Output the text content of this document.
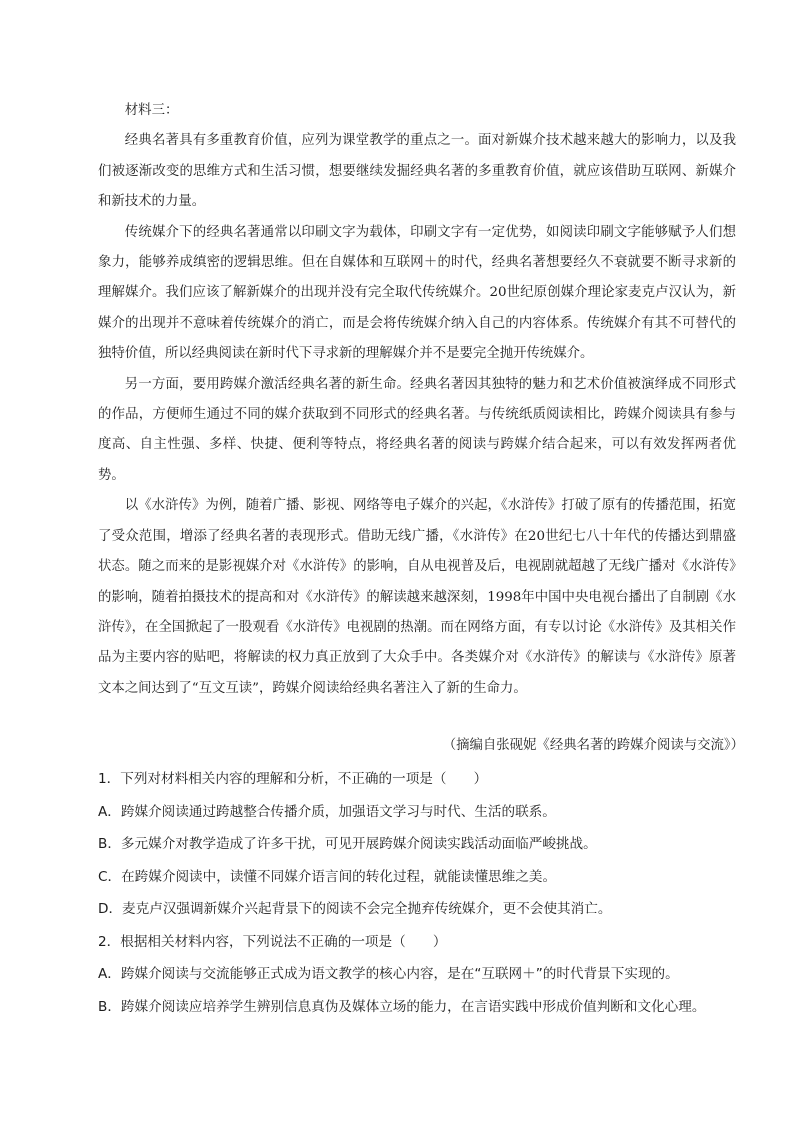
材料三：

经典名著具有多重教育价值，应列为课堂教学的重点之一。面对新媒介技术越来越大的影响力，以及我们被逐渐改变的思维方式和生活习惯，想要继续发掘经典名著的多重教育价值，就应该借助互联网、新媒介和新技术的力量。

传统媒介下的经典名著通常以印刷文字为载体，印刷文字有一定优势，如阅读印刷文字能够赋予人们想象力，能够养成缜密的逻辑思维。但在自媒体和互联网＋的时代，经典名著想要经久不衰就要不断寻求新的理解媒介。我们应该了解新媒介的出现并没有完全取代传统媒介。20世纪原创媒介理论家麦克卢汉认为，新媒介的出现并不意味着传统媒介的消亡，而是会将传统媒介纳入自己的内容体系。传统媒介有其不可替代的独特价值，所以经典阅读在新时代下寻求新的理解媒介并不是要完全抛开传统媒介。

另一方面，要用跨媒介激活经典名著的新生命。经典名著因其独特的魅力和艺术价值被演绎成不同形式的作品，方便师生通过不同的媒介获取到不同形式的经典名著。与传统纸质阅读相比，跨媒介阅读具有参与度高、自主性强、多样、快捷、便利等特点，将经典名著的阅读与跨媒介结合起来，可以有效发挥两者优势。

以《水浒传》为例，随着广播、影视、网络等电子媒介的兴起，《水浒传》打破了原有的传播范围，拓宽了受众范围，增添了经典名著的表现形式。借助无线广播，《水浒传》在20世纪七八十年代的传播达到鼎盛状态。随之而来的是影视媒介对《水浒传》的影响，自从电视普及后，电视剧就超越了无线广播对《水浒传》的影响，随着拍摄技术的提高和对《水浒传》的解读越来越深刻，1998年中国中央电视台播出了自制剧《水浒传》，在全国掀起了一股观看《水浒传》电视剧的热潮。而在网络方面，有专以讨论《水浒传》及其相关作品为主要内容的贴吧，将解读的权力真正放到了大众手中。各类媒介对《水浒传》的解读与《水浒传》原著文本之间达到了“互文互读”，跨媒介阅读给经典名著注入了新的生命力。

（摘编自张砚妮《经典名著的跨媒介阅读与交流》）
1．下列对材料相关内容的理解和分析，不正确的一项是（　　）
A．跨媒介阅读通过跨越整合传播介质，加强语文学习与时代、生活的联系。
B．多元媒介对教学造成了许多干扰，可见开展跨媒介阅读实践活动面临严峻挑战。
C．在跨媒介阅读中，读懂不同媒介语言间的转化过程，就能读懂思维之美。
D．麦克卢汉强调新媒介兴起背景下的阅读不会完全抛弃传统媒介，更不会使其消亡。
2．根据相关材料内容，下列说法不正确的一项是（　　）
A．跨媒介阅读与交流能够正式成为语文教学的核心内容，是在“互联网＋”的时代背景下实现的。
B．跨媒介阅读应培养学生辨别信息真伪及媒体立场的能力，在言语实践中形成价值判断和文化心理。
